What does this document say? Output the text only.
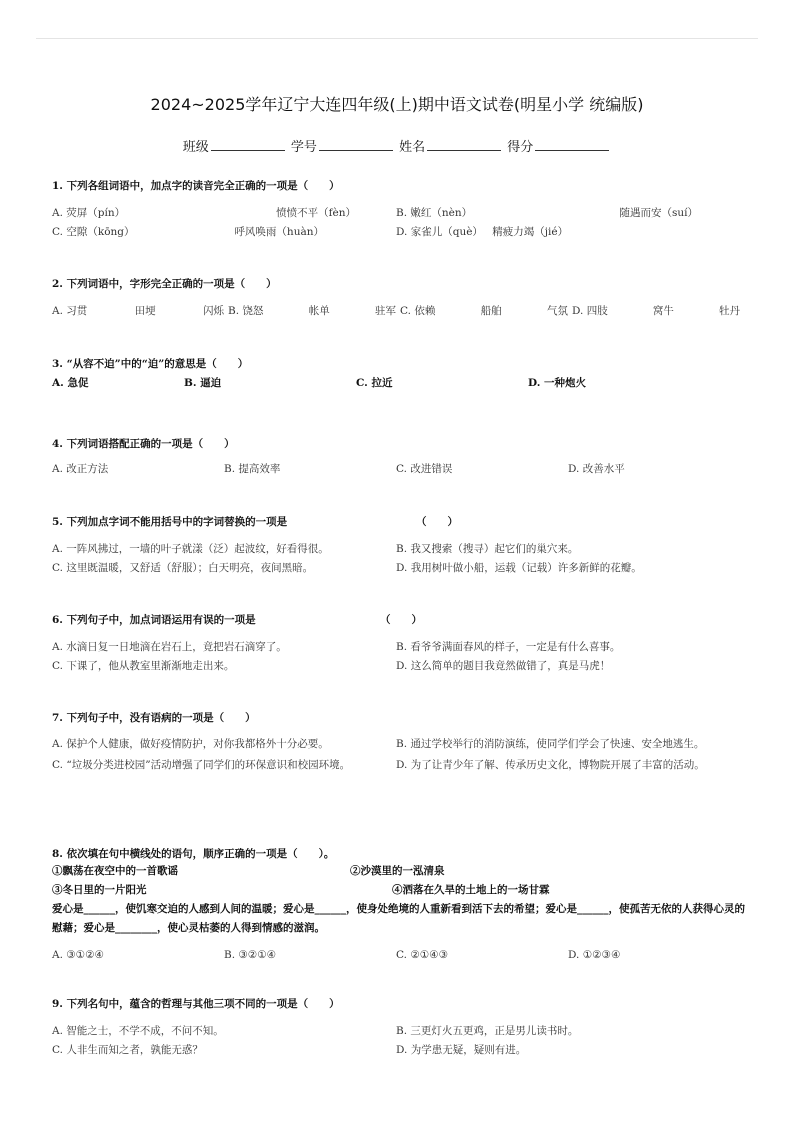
2024~2025学年辽宁大连四年级(上)期中语文试卷(明星小学 统编版)
班级	学号	姓名	得分
1. 下列各组词语中，加点字的读音完全正确的一项是（　　）
A. 荧屏（pín）	愤愤不平（fèn）	B. 嫩红（nèn）	随遇而安（suí）
C. 空隙（kōng）	呼风唤雨（huàn）	D. 家雀儿（què） 精疲力竭（jié）
2. 下列词语中，字形完全正确的一项是（　　）
A. 习贯	田埂	闪烁 B. 饶怒	帐单	驻军 C. 依赖	船舶	气氛 D. 四肢	窝牛	牡丹
3. “从容不迫”中的“迫”的意思是（　　）
A. 急促	B. 逼迫	C. 拉近	D. 一种炮火
4. 下列词语搭配正确的一项是（　　）
A. 改正方法	B. 提高效率	C. 改进错误	D. 改善水平
5. 下列加点字词不能用括号中的字词替换的一项是	（　　）
A. 一阵风拂过，一墙的叶子就漾（泛）起波纹，好看得很。	B. 我又搜索（搜寻）起它们的巢穴来。
C. 这里既温暖，又舒适（舒服）；白天明亮，夜间黑暗。	D. 我用树叶做小船，运载（记载）许多新鲜的花瓣。
6. 下列句子中，加点词语运用有误的一项是	（　　）
A. 水滴日复一日地滴在岩石上，竟把岩石滴穿了。	B. 看爷爷满面春风的样子，一定是有什么喜事。
C. 下课了，他从教室里渐渐地走出来。	D. 这么简单的题目我竟然做错了，真是马虎！
7. 下列句子中，没有语病的一项是（　　）
A. 保护个人健康，做好疫情防护，对你我都格外十分必要。	B. 通过学校举行的消防演练，使同学们学会了快速、安全地逃生。
C. “垃圾分类进校园”活动增强了同学们的环保意识和校园环境。	D. 为了让青少年了解、传承历史文化，博物院开展了丰富的活动。
8. 依次填在句中横线处的语句，顺序正确的一项是（　　）。
①飘荡在夜空中的一首歌谣	②沙漠里的一泓清泉
③冬日里的一片阳光	④洒落在久旱的土地上的一场甘霖
爱心是______，使饥寒交迫的人感到人间的温暖；爱心是______，使身处绝境的人重新看到活下去的希望；爱心是______，使孤苦无依的人获得心灵的慰藉；爱心是________，使心灵枯萎的人得到情感的滋润。
A. ③①②④	B. ③②①④	C. ②①④③	D. ①②③④
9. 下列名句中，蕴含的哲理与其他三项不同的一项是（　　）
A. 智能之士，不学不成，不问不知。	B. 三更灯火五更鸡，正是男儿读书时。
C. 人非生而知之者，孰能无惑？	D. 为学患无疑，疑则有进。
